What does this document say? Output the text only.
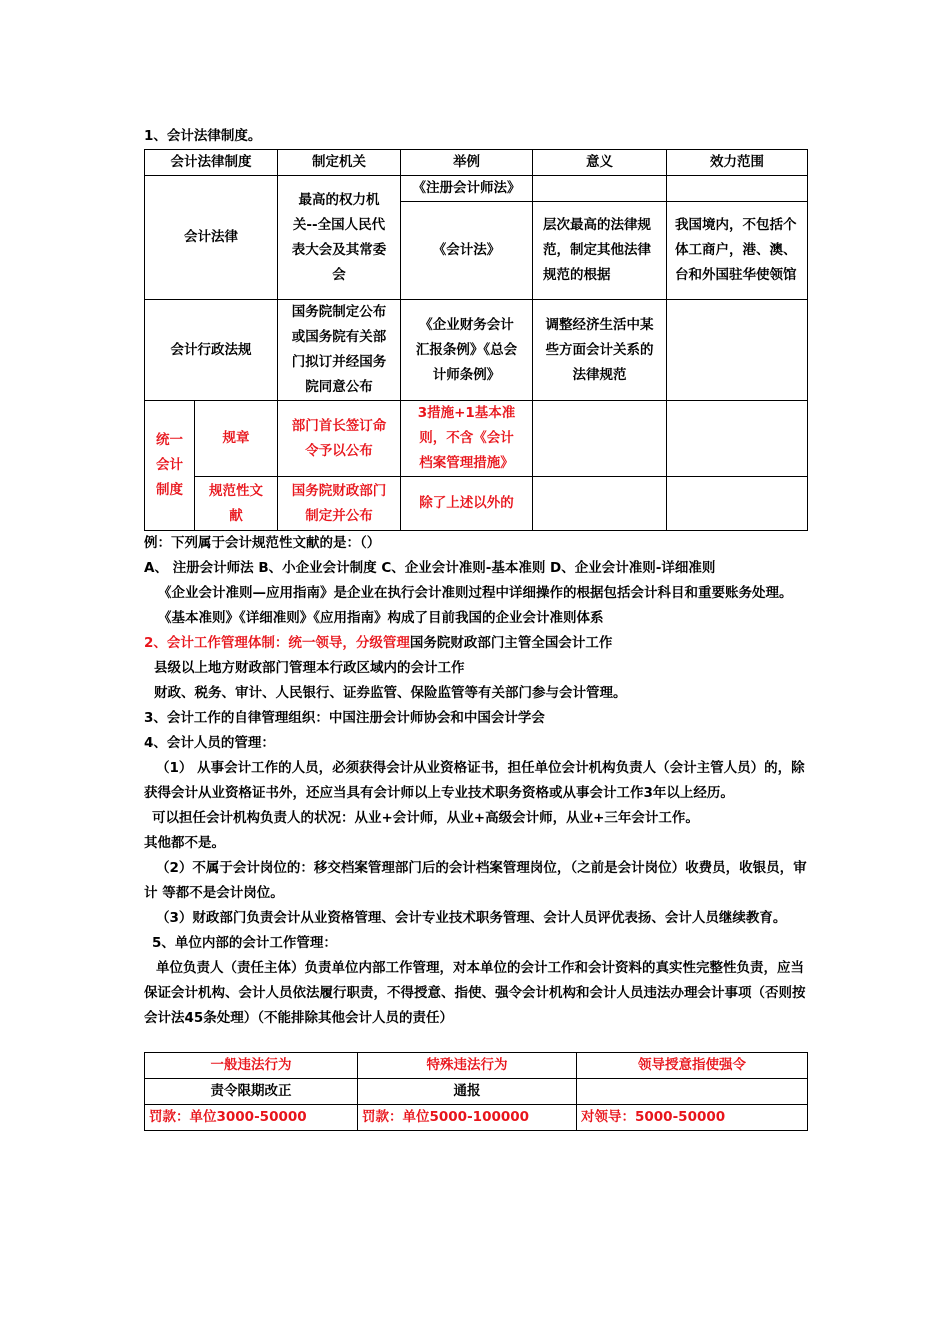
1、会计法律制度。
会计法律制度		制定机关	举例	意义	效力范围
会计法律		最高的权力机关--全国人民代表大会及其常委会	《注册会计师法》		
			《会计法》	层次最高的法律规范，制定其他法律规范的根据	我国境内，不包括个体工商户，港、澳、台和外国驻华使领馆
会计行政法规		国务院制定公布或国务院有关部门拟订并经国务院同意公布	《企业财务会计汇报条例》《总会计师条例》	调整经济生活中某些方面会计关系的法律规范	
统一会计制度	规章	部门首长签订命令予以公布	3措施+1基本准则，不含《会计档案管理措施》		
	规范性文献	国务院财政部门制定并公布	除了上述以外的		
例：下列属于会计规范性文献的是：（）
A、 注册会计师法 B、小企业会计制度 C、企业会计准则-基本准则 D、企业会计准则-详细准则
《企业会计准则—应用指南》是企业在执行会计准则过程中详细操作的根据包括会计科目和重要账务处理。
《基本准则》《详细准则》《应用指南》构成了目前我国的企业会计准则体系
2、会计工作管理体制：统一领导，分级管理国务院财政部门主管全国会计工作
县级以上地方财政部门管理本行政区域内的会计工作
财政、税务、审计、人民银行、证券监管、保险监管等有关部门参与会计管理。
3、会计工作的自律管理组织：中国注册会计师协会和中国会计学会
4、会计人员的管理：
（1） 从事会计工作的人员，必须获得会计从业资格证书，担任单位会计机构负责人（会计主管人员）的，除获得会计从业资格证书外，还应当具有会计师以上专业技术职务资格或从事会计工作3年以上经历。
可以担任会计机构负责人的状况：从业+会计师，从业+高级会计师，从业+三年会计工作。
其他都不是。
（2）不属于会计岗位的：移交档案管理部门后的会计档案管理岗位，（之前是会计岗位）收费员，收银员，审计 等都不是会计岗位。
（3）财政部门负责会计从业资格管理、会计专业技术职务管理、会计人员评优表扬、会计人员继续教育。
5、单位内部的会计工作管理：
单位负责人（责任主体）负责单位内部工作管理，对本单位的会计工作和会计资料的真实性完整性负责，应当保证会计机构、会计人员依法履行职责，不得授意、指使、强令会计机构和会计人员违法办理会计事项（否则按会计法45条处理）（不能排除其他会计人员的责任）
一般违法行为	特殊违法行为	领导授意指使强令
责令限期改正	通报	
罚款：单位3000-50000	罚款：单位5000-100000	对领导：5000-50000
